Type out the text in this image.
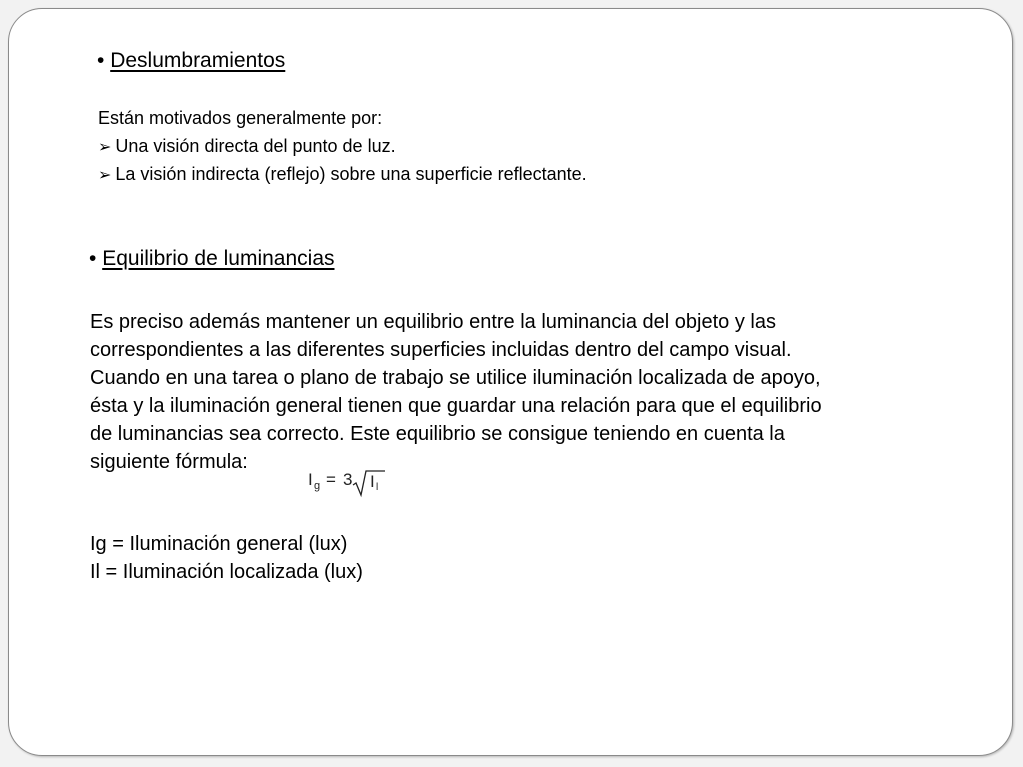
• Deslumbramientos
Están motivados generalmente por:
➢ Una visión directa del punto de luz.
➢ La visión indirecta (reflejo) sobre una superficie reflectante.
• Equilibrio de luminancias
Es preciso además mantener un equilibrio entre la luminancia del objeto y las
correspondientes a las diferentes superficies incluidas dentro del campo visual.
Cuando en una tarea o plano de trabajo se utilice iluminación localizada de apoyo,
ésta y la iluminación general tienen que guardar una relación para que el equilibrio
de luminancias sea correcto. Este equilibrio se consigue teniendo en cuenta la
siguiente fórmula:
I g = 3 I l
Ig = Iluminación general (lux)
Il = Iluminación localizada (lux)
